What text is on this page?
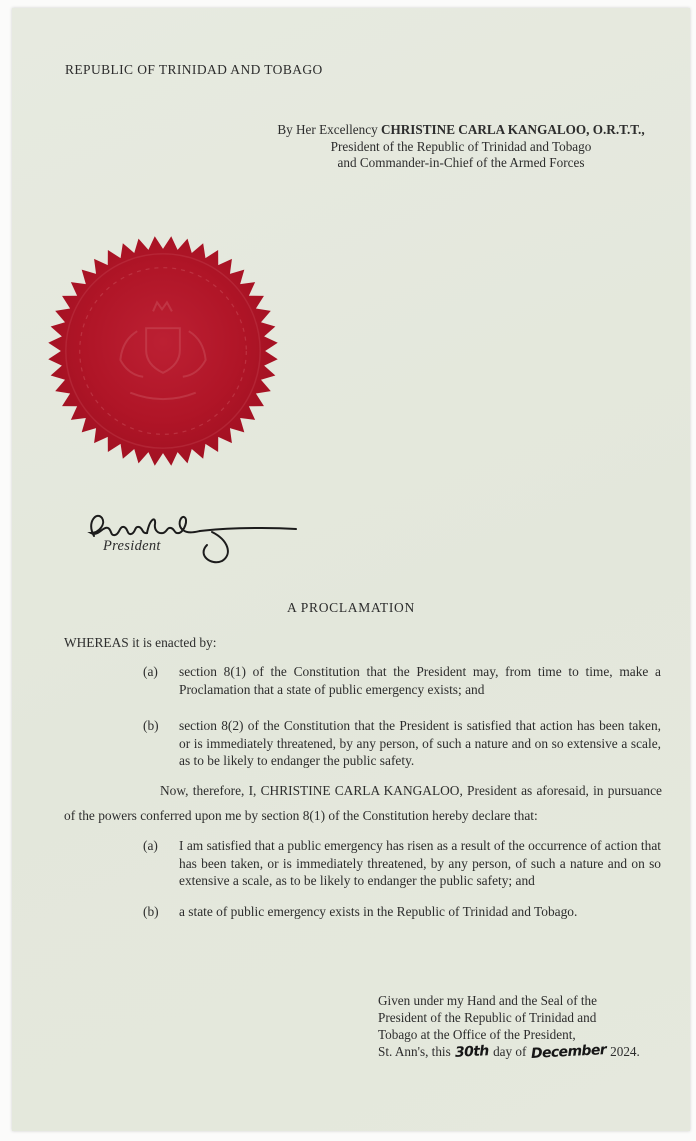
REPUBLIC OF TRINIDAD AND TOBAGO
By Her Excellency CHRISTINE CARLA KANGALOO, O.R.T.T.,
President of the Republic of Trinidad and Tobago
and Commander-in-Chief of the Armed Forces
President
A PROCLAMATION
WHEREAS it is enacted by:
(a)	section 8(1) of the Constitution that the President may, from time to time, make a Proclamation that a state of public emergency exists; and
(b)	section 8(2) of the Constitution that the President is satisfied that action has been taken, or is immediately threatened, by any person, of such a nature and on so extensive a scale, as to be likely to endanger the public safety.
Now, therefore, I, CHRISTINE CARLA KANGALOO, President as aforesaid, in pursuance of the powers conferred upon me by section 8(1) of the Constitution hereby declare that:
(a)	I am satisfied that a public emergency has risen as a result of the occurrence of action that has been taken, or is immediately threatened, by any person, of such a nature and on so extensive a scale, as to be likely to endanger the public safety; and
(b)	a state of public emergency exists in the Republic of Trinidad and Tobago.
Given under my Hand and the Seal of the
President of the Republic of Trinidad and
Tobago at the Office of the President,
St. Ann's, this 30th day of December 2024.
